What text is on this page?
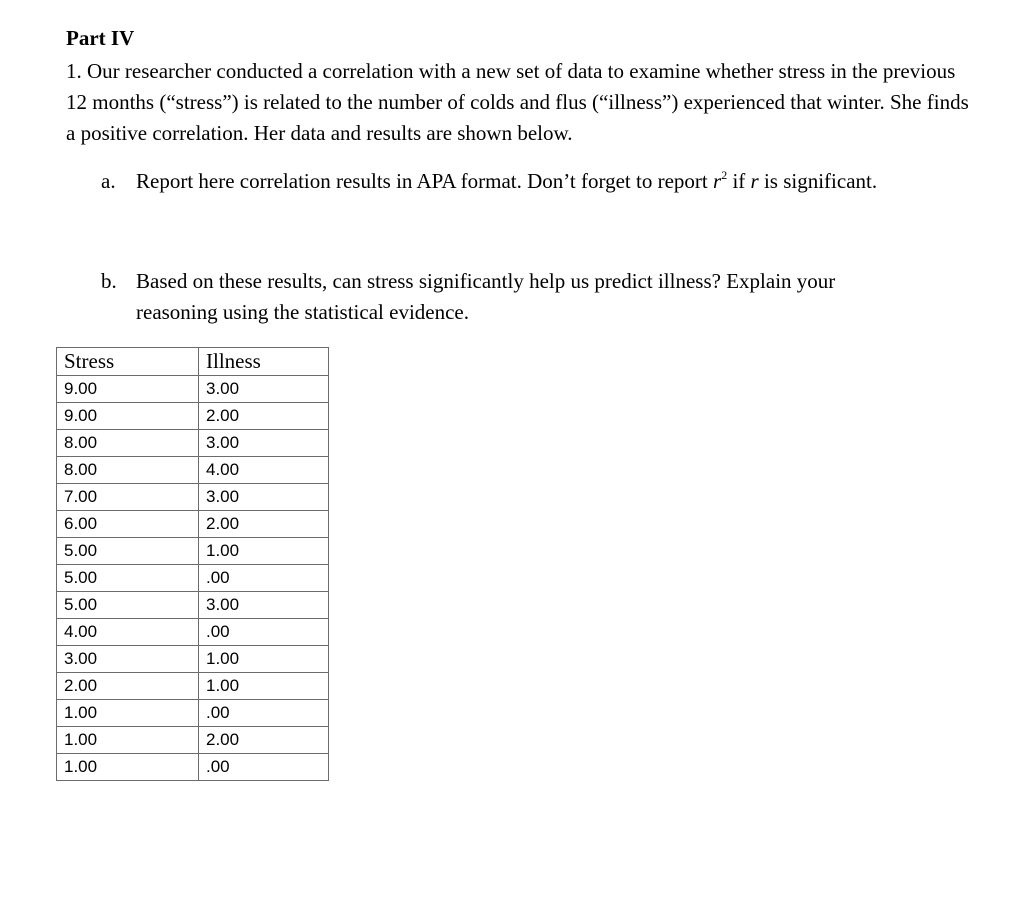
Part IV

1. Our researcher conducted a correlation with a new set of data to examine whether stress in the previous 12 months (“stress”) is related to the number of colds and flus (“illness”) experienced that winter. She finds a positive correlation. Her data and results are shown below.

a. Report here correlation results in APA format. Don’t forget to report $r^2$ if r is significant.
b. Based on these results, can stress significantly help us predict illness? Explain your
reasoning using the statistical evidence.
Stress	Illness
9.00	3.00
9.00	2.00
8.00	3.00
8.00	4.00
7.00	3.00
6.00	2.00
5.00	1.00
5.00	.00
5.00	3.00
4.00	.00
3.00	1.00
2.00	1.00
1.00	.00
1.00	2.00
1.00	.00
